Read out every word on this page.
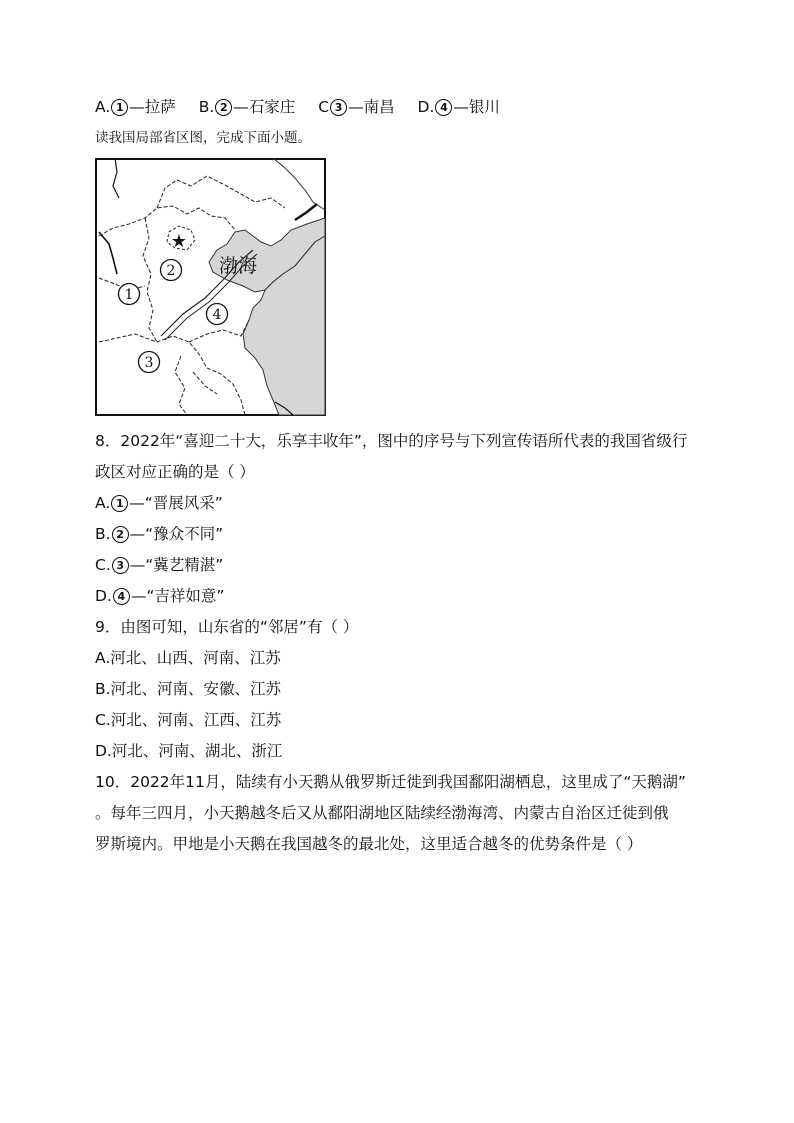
A. 1 —拉萨 B. 2 —石家庄 C 3 —南昌 D. 4 —银川
读我国局部省区图，完成下面小题。
★
渤海
1
2
3
4
8．2022年“喜迎二十大，乐享丰收年”，图中的序号与下列宣传语所代表的我国省级行
政区对应正确的是（ ）
A. 1 —“晋展风采”
B. 2 —“豫众不同”
C. 3 —“冀艺精湛”
D. 4 —“吉祥如意”
9．由图可知，山东省的“邻居”有（ ）
A.河北、山西、河南、江苏
B.河北、河南、安徽、江苏
C.河北、河南、江西、江苏
D.河北、河南、湖北、浙江
10．2022年11月，陆续有小天鹅从俄罗斯迁徙到我国鄱阳湖栖息，这里成了“天鹅湖”
。每年三四月，小天鹅越冬后又从鄱阳湖地区陆续经渤海湾、内蒙古自治区迁徙到俄
罗斯境内。甲地是小天鹅在我国越冬的最北处，这里适合越冬的优势条件是（ ）
